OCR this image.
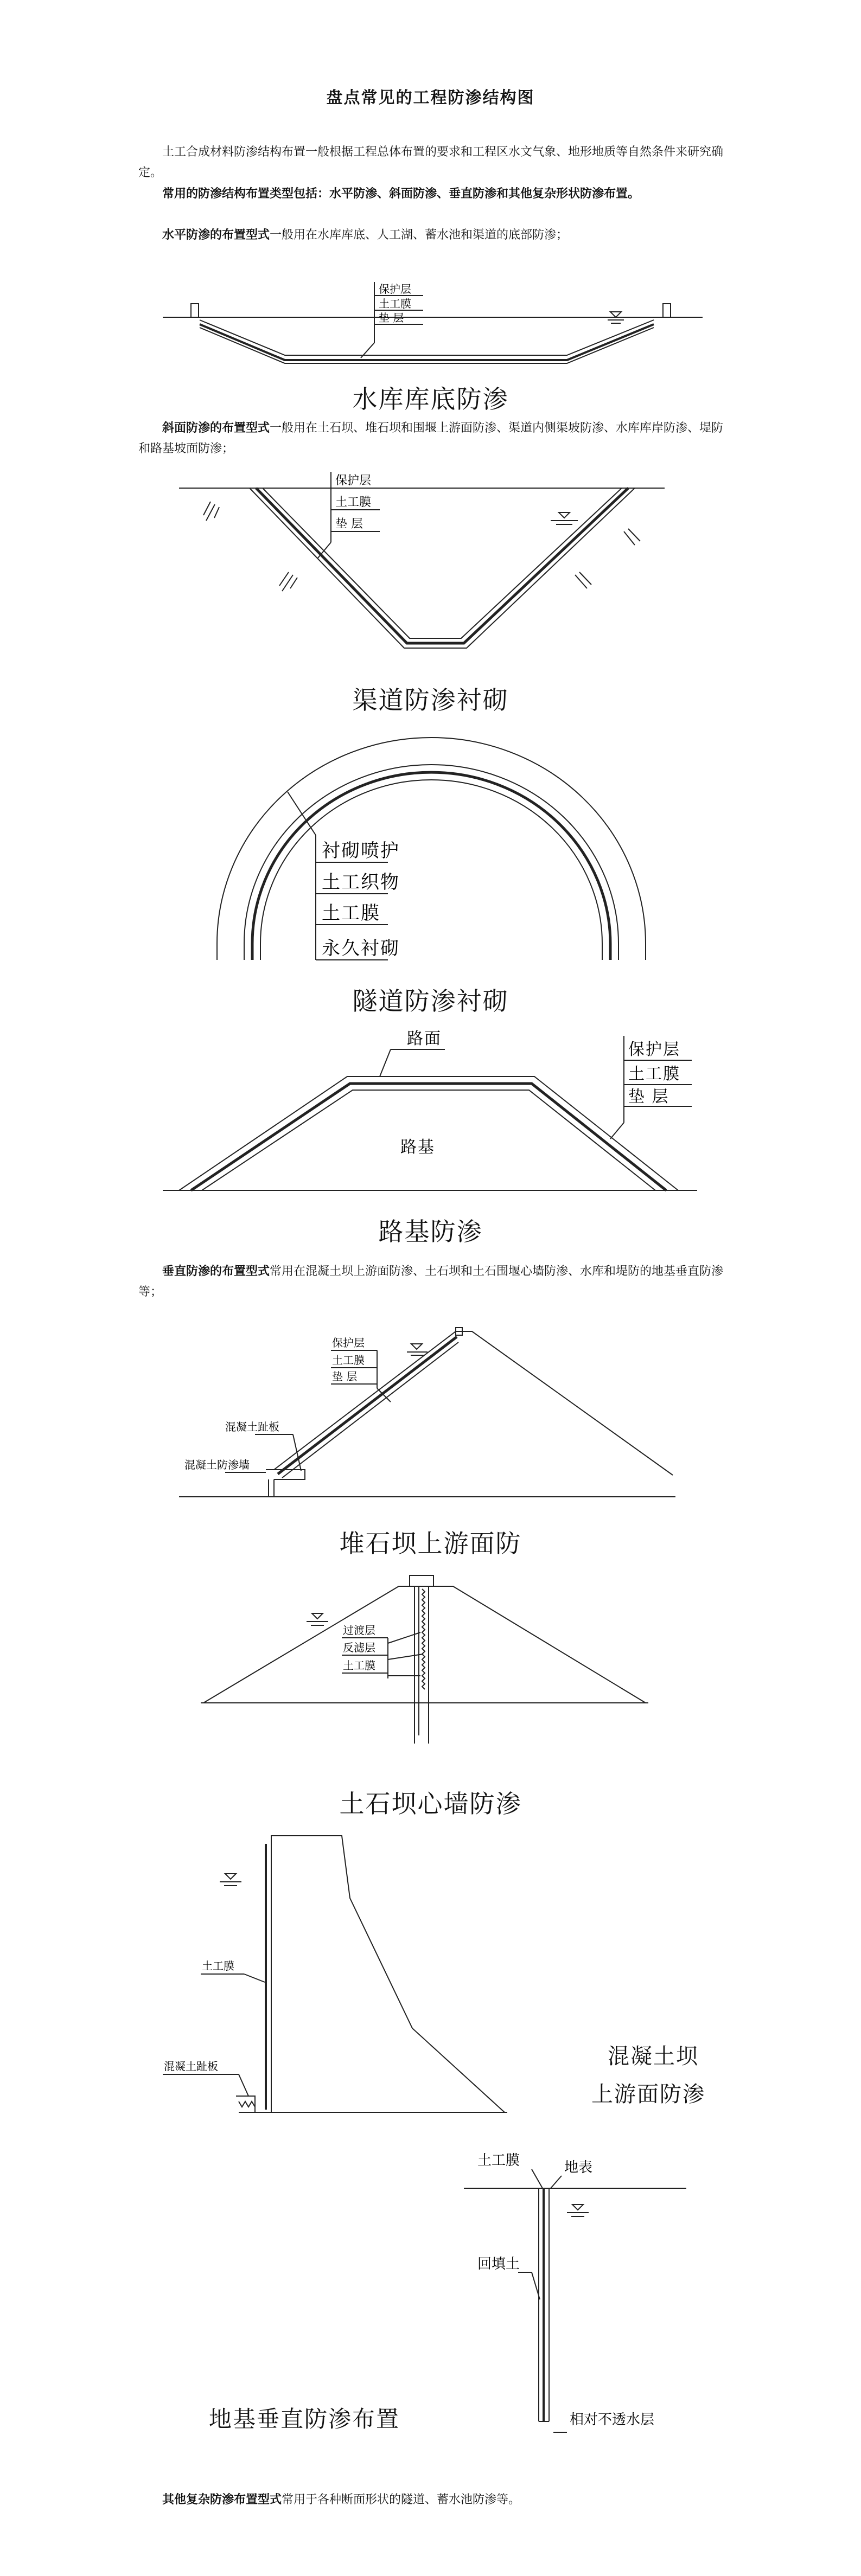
盘点常见的工程防渗结构图
土工合成材料防渗结构布置一般根据工程总体布置的要求和工程区水文气象、地形地质等自然条件来研究确定。
常用的防渗结构布置类型包括：水平防渗、斜面防渗、垂直防渗和其他复杂形状防渗布置。
水平防渗的布置型式一般用在水库库底、人工湖、蓄水池和渠道的底部防渗；
保护层
土工膜
垫 层
水库库底防渗
斜面防渗的布置型式一般用在土石坝、堆石坝和围堰上游面防渗、渠道内侧渠坡防渗、水库库岸防渗、堤防和路基坡面防渗；
保护层
土工膜
垫 层
渠道防渗衬砌
衬砌喷护
土工织物
土工膜
永久衬砌
隧道防渗衬砌
路面
路基
保护层
土工膜
垫 层
路基防渗
垂直防渗的布置型式常用在混凝土坝上游面防渗、土石坝和土石围堰心墙防渗、水库和堤防的地基垂直防渗等；
保护层
土工膜
垫 层
混凝土趾板
混凝土防渗墙
堆石坝上游面防
过渡层
反滤层
土工膜
土石坝心墙防渗
土工膜
混凝土趾板	混凝土坝
上游面防渗
土工膜	地表
回填土
相对不透水层
地基垂直防渗布置
其他复杂防渗布置型式常用于各种断面形状的隧道、蓄水池防渗等。
